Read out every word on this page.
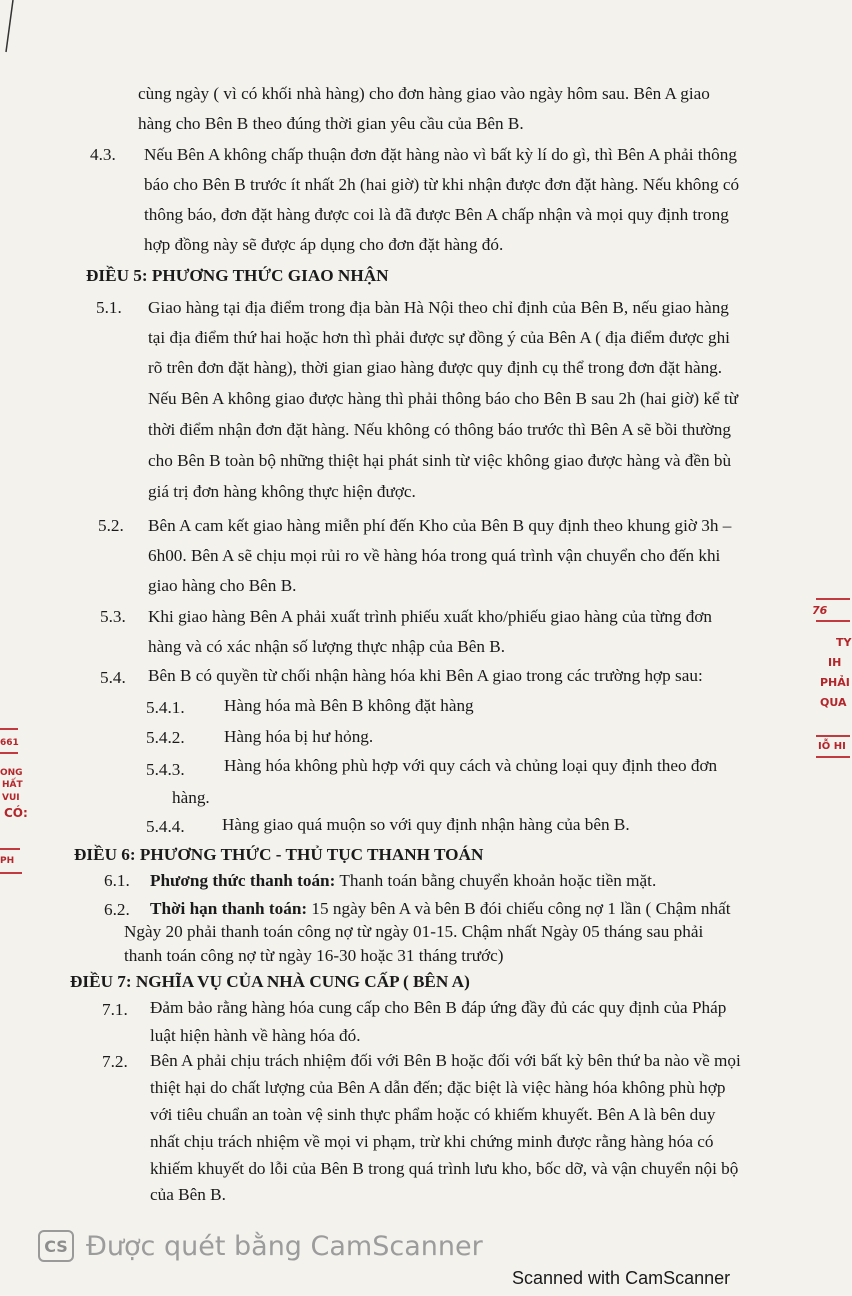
cùng ngày ( vì có khối nhà hàng) cho đơn hàng giao vào ngày hôm sau. Bên A giao
hàng cho Bên B theo đúng thời gian yêu cầu của Bên B.
4.3. Nếu Bên A không chấp thuận đơn đặt hàng nào vì bất kỳ lí do gì, thì Bên A phải thông
báo cho Bên B trước ít nhất 2h (hai giờ) từ khi nhận được đơn đặt hàng. Nếu không có
thông báo, đơn đặt hàng được coi là đã được Bên A chấp nhận và mọi quy định trong
hợp đồng này sẽ được áp dụng cho đơn đặt hàng đó.
ĐIỀU 5: PHƯƠNG THỨC GIAO NHẬN
5.1. Giao hàng tại địa điểm trong địa bàn Hà Nội theo chỉ định của Bên B, nếu giao hàng
tại địa điểm thứ hai hoặc hơn thì phải được sự đồng ý của Bên A ( địa điểm được ghi
rõ trên đơn đặt hàng), thời gian giao hàng được quy định cụ thể trong đơn đặt hàng.
Nếu Bên A không giao được hàng thì phải thông báo cho Bên B sau 2h (hai giờ) kể từ
thời điểm nhận đơn đặt hàng. Nếu không có thông báo trước thì Bên A sẽ bồi thường
cho Bên B toàn bộ những thiệt hại phát sinh từ việc không giao được hàng và đền bù
giá trị đơn hàng không thực hiện được.
5.2. Bên A cam kết giao hàng miễn phí đến Kho của Bên B quy định theo khung giờ 3h –
6h00. Bên A sẽ chịu mọi rủi ro về hàng hóa trong quá trình vận chuyển cho đến khi
giao hàng cho Bên B.
5.3. Khi giao hàng Bên A phải xuất trình phiếu xuất kho/phiếu giao hàng của từng đơn
hàng và có xác nhận số lượng thực nhập của Bên B.
5.4. Bên B có quyền từ chối nhận hàng hóa khi Bên A giao trong các trường hợp sau:
5.4.1. Hàng hóa mà Bên B không đặt hàng
5.4.2. Hàng hóa bị hư hỏng.
5.4.3. Hàng hóa không phù hợp với quy cách và chủng loại quy định theo đơn
hàng.
5.4.4. Hàng giao quá muộn so với quy định nhận hàng của bên B.
ĐIỀU 6: PHƯƠNG THỨC - THỦ TỤC THANH TOÁN
6.1. Phương thức thanh toán: Thanh toán bằng chuyển khoản hoặc tiền mặt.
6.2. Thời hạn thanh toán: 15 ngày bên A và bên B đói chiếu công nợ 1 lần ( Chậm nhất
Ngày 20 phải thanh toán công nợ từ ngày 01-15. Chậm nhất Ngày 05 tháng sau phải
thanh toán công nợ từ ngày 16-30 hoặc 31 tháng trước)
ĐIỀU 7: NGHĨA VỤ CỦA NHÀ CUNG CẤP ( BÊN A)
7.1. Đảm bảo rằng hàng hóa cung cấp cho Bên B đáp ứng đầy đủ các quy định của Pháp
luật hiện hành về hàng hóa đó.
7.2. Bên A phải chịu trách nhiệm đối với Bên B hoặc đối với bất kỳ bên thứ ba nào về mọi
thiệt hại do chất lượng của Bên A dẫn đến; đặc biệt là việc hàng hóa không phù hợp
với tiêu chuẩn an toàn vệ sinh thực phẩm hoặc có khiếm khuyết. Bên A là bên duy
nhất chịu trách nhiệm về mọi vi phạm, trừ khi chứng minh được rằng hàng hóa có
khiếm khuyết do lỗi của Bên B trong quá trình lưu kho, bốc dỡ, và vận chuyển nội bộ
của Bên B.
76
TY
IH
PHẢI
QUA
IỖ HI
661
ONG
HẤT
VUI
CÓ:
PH
CS Được quét bằng CamScanner
Scanned with CamScanner
